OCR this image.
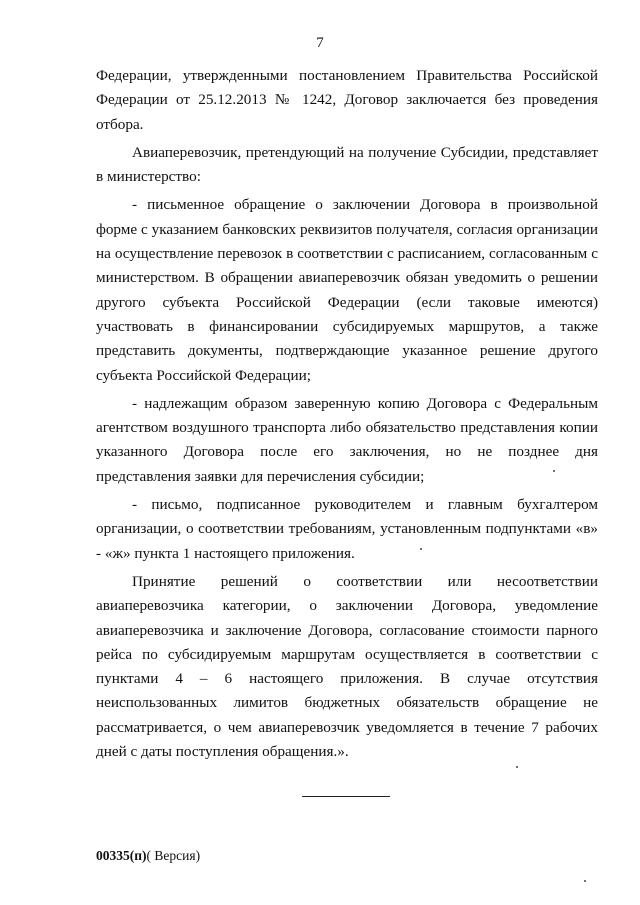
7

Федерации, утвержденными постановлением Правительства Российской Федерации от 25.12.2013 № 1242, Договор заключается без проведения отбора.

Авиаперевозчик, претендующий на получение Субсидии, представляет в министерство:

- письменное обращение о заключении Договора в произвольной форме с указанием банковских реквизитов получателя, согласия организации на осуществление перевозок в соответствии с расписанием, согласованным с министерством. В обращении авиаперевозчик обязан уведомить о решении другого субъекта Российской Федерации (если таковые имеются) участвовать в финансировании субсидируемых маршрутов, а также представить документы, подтверждающие указанное решение другого субъекта Российской Федерации;

- надлежащим образом заверенную копию Договора с Федеральным агентством воздушного транспорта либо обязательство представления копии указанного Договора после его заключения, но не позднее дня представления заявки для перечисления субсидии;

- письмо, подписанное руководителем и главным бухгалтером организации, о соответствии требованиям, установленным подпунктами «в» - «ж» пункта 1 настоящего приложения.

Принятие решений о соответствии или несоответствии авиаперевозчика категории, о заключении Договора, уведомление авиаперевозчика и заключение Договора, согласование стоимости парного рейса по субсидируемым маршрутам осуществляется в соответствии с пунктами 4 – 6 настоящего приложения. В случае отсутствия неиспользованных лимитов бюджетных обязательств обращение не рассматривается, о чем авиаперевозчик уведомляется в течение 7 рабочих дней с даты поступления обращения.».

00335(п)( Версия)
